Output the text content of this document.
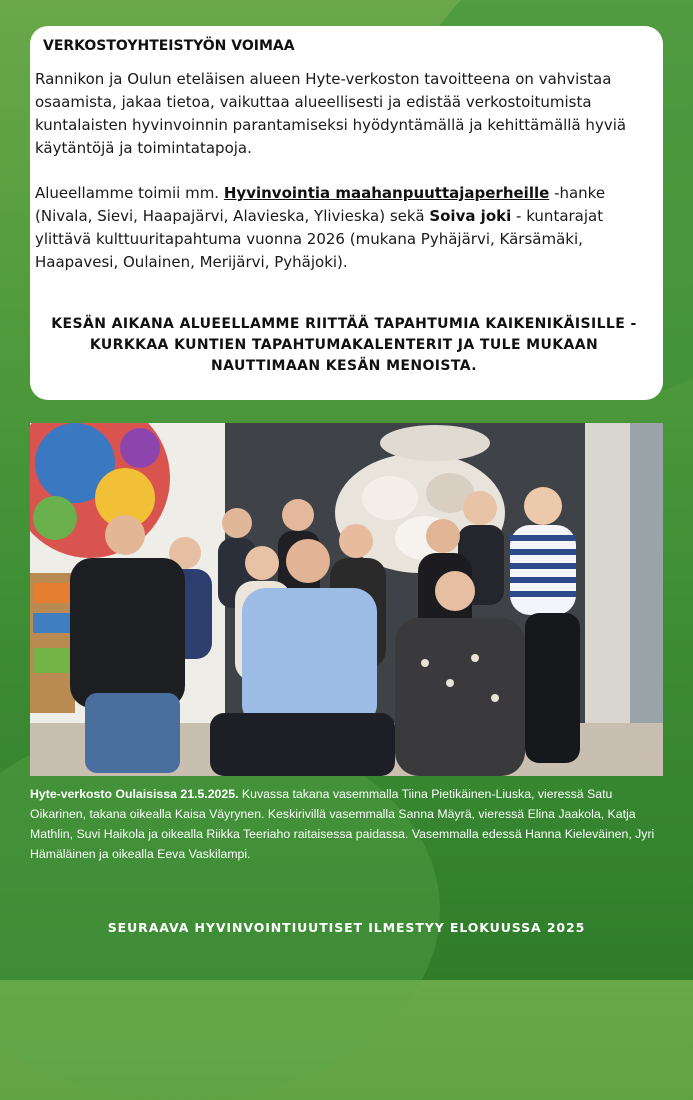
VERKOSTOYHTEISTYÖN VOIMAA

Rannikon ja Oulun eteläisen alueen Hyte-verkoston tavoitteena on vahvistaa osaamista, jakaa tietoa, vaikuttaa alueellisesti ja edistää verkostoitumista kuntalaisten hyvinvoinnin parantamiseksi hyödyntämällä ja kehittämällä hyviä käytäntöjä ja toimintatapoja.

Alueellamme toimii mm. Hyvinvointia maahanpuuttajaperheille -hanke (Nivala, Sievi, Haapajärvi, Alavieska, Ylivieska) sekä Soiva joki - kuntarajat ylittävä kulttuuritapahtuma vuonna 2026 (mukana Pyhäjärvi, Kärsämäki, Haapavesi, Oulainen, Merijärvi, Pyhäjoki).

KESÄN AIKANA ALUEELLAMME RIITTÄÄ TAPAHTUMIA KAIKENIKÄISILLE - KURKKAA KUNTIEN TAPAHTUMAKALENTERIT JA TULE MUKAAN NAUTTIMAAN KESÄN MENOISTA.
Hyte-verkosto Oulaisissa 21.5.2025. Kuvassa takana vasemmalla Tiina Pietikäinen-Liuska, vieressä Satu Oikarinen, takana oikealla Kaisa Väyrynen. Keskirivillä vasemmalla Sanna Mäyrä, vieressä Elina Jaakola, Katja Mathlin, Suvi Haikola ja oikealla Riikka Teeriaho raitaisessa paidassa. Vasemmalla edessä Hanna Kieleväinen, Jyri Hämäläinen ja oikealla Eeva Vaskilampi.
SEURAAVA HYVINVOINTIUUTISET ILMESTYY ELOKUUSSA 2025
